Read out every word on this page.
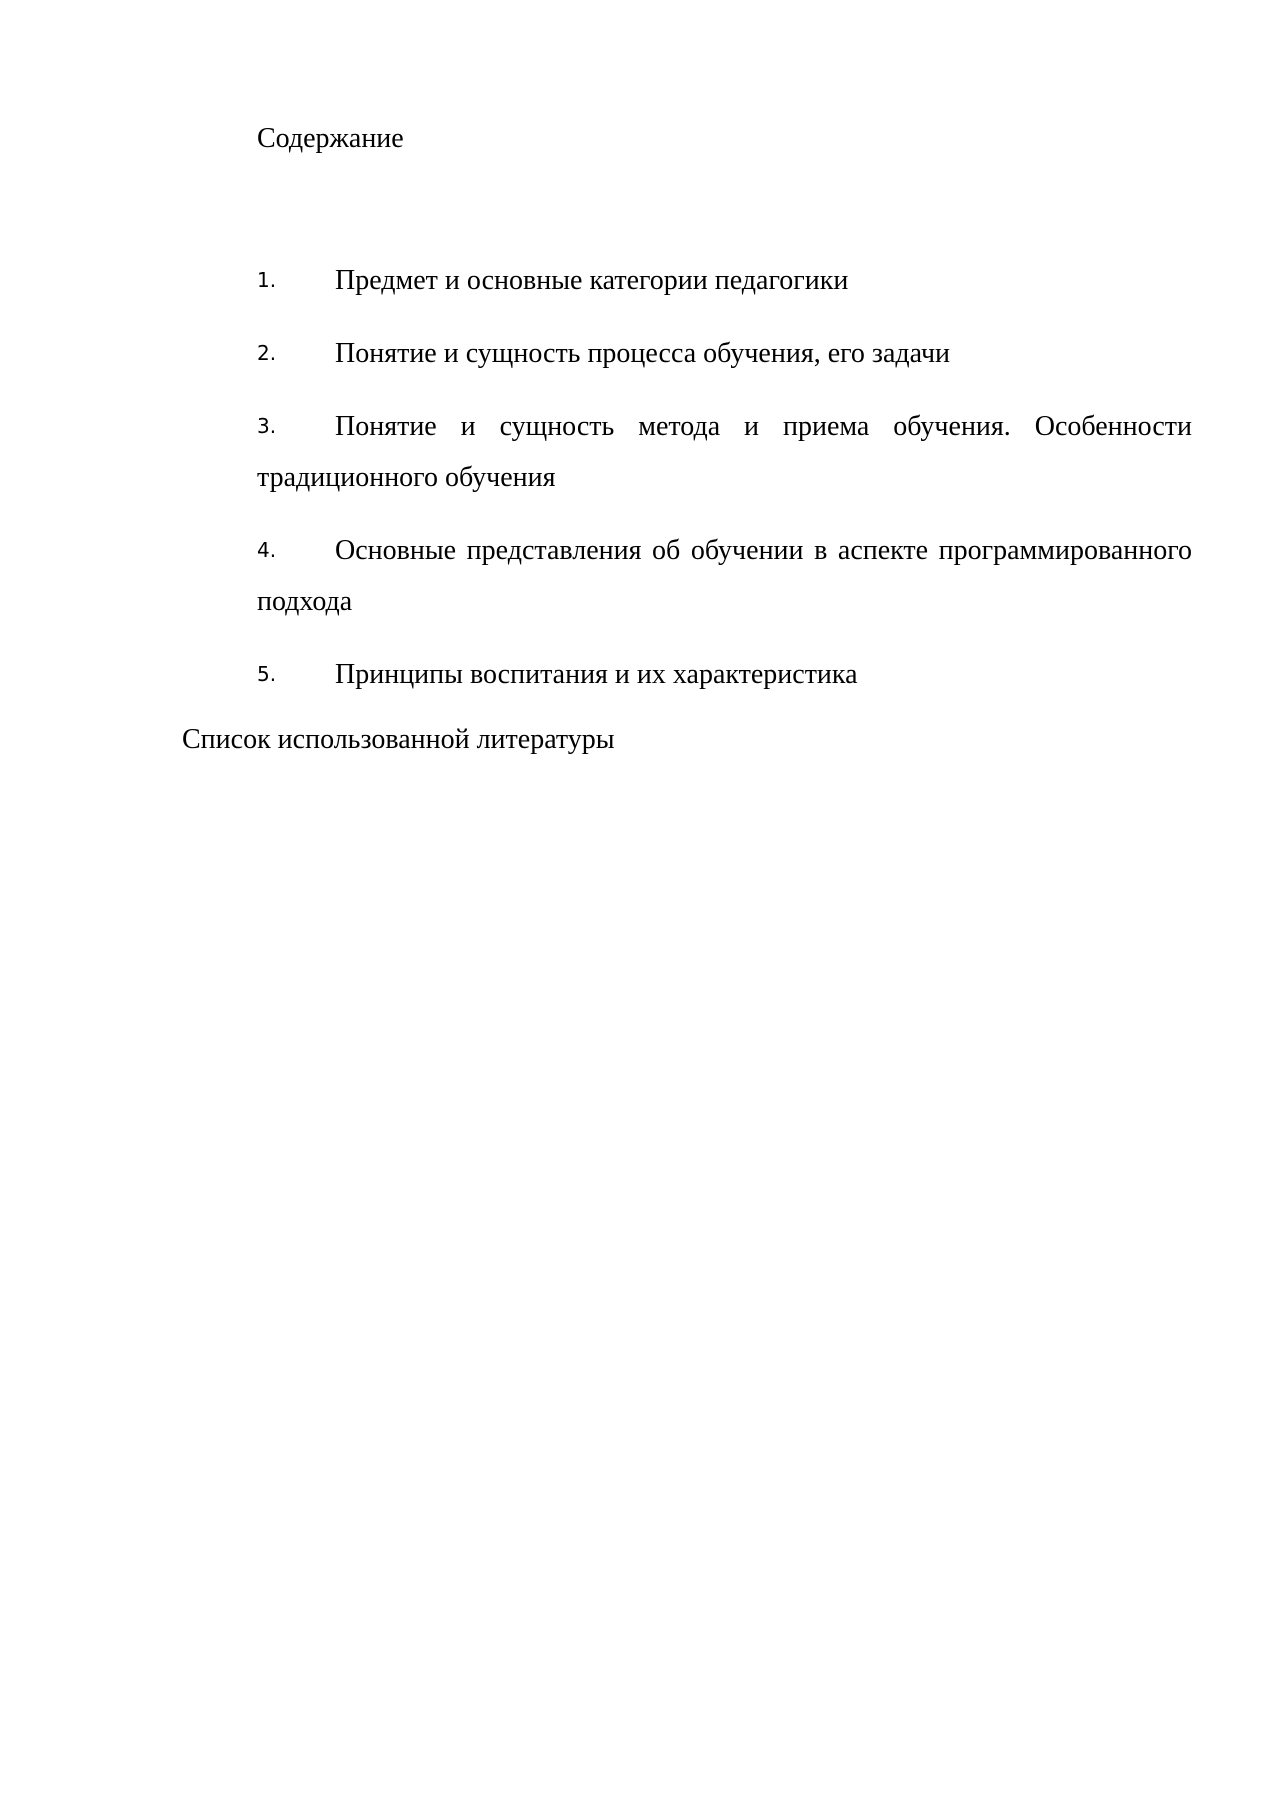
Содержание
1. Предмет и основные категории педагогики
2. Понятие и сущность процесса обучения, его задачи
3. Понятие и сущность метода и приема обучения. Особенности традиционного обучения
4. Основные представления об обучении в аспекте программированного подхода
5. Принципы воспитания и их характеристика

Список использованной литературы
